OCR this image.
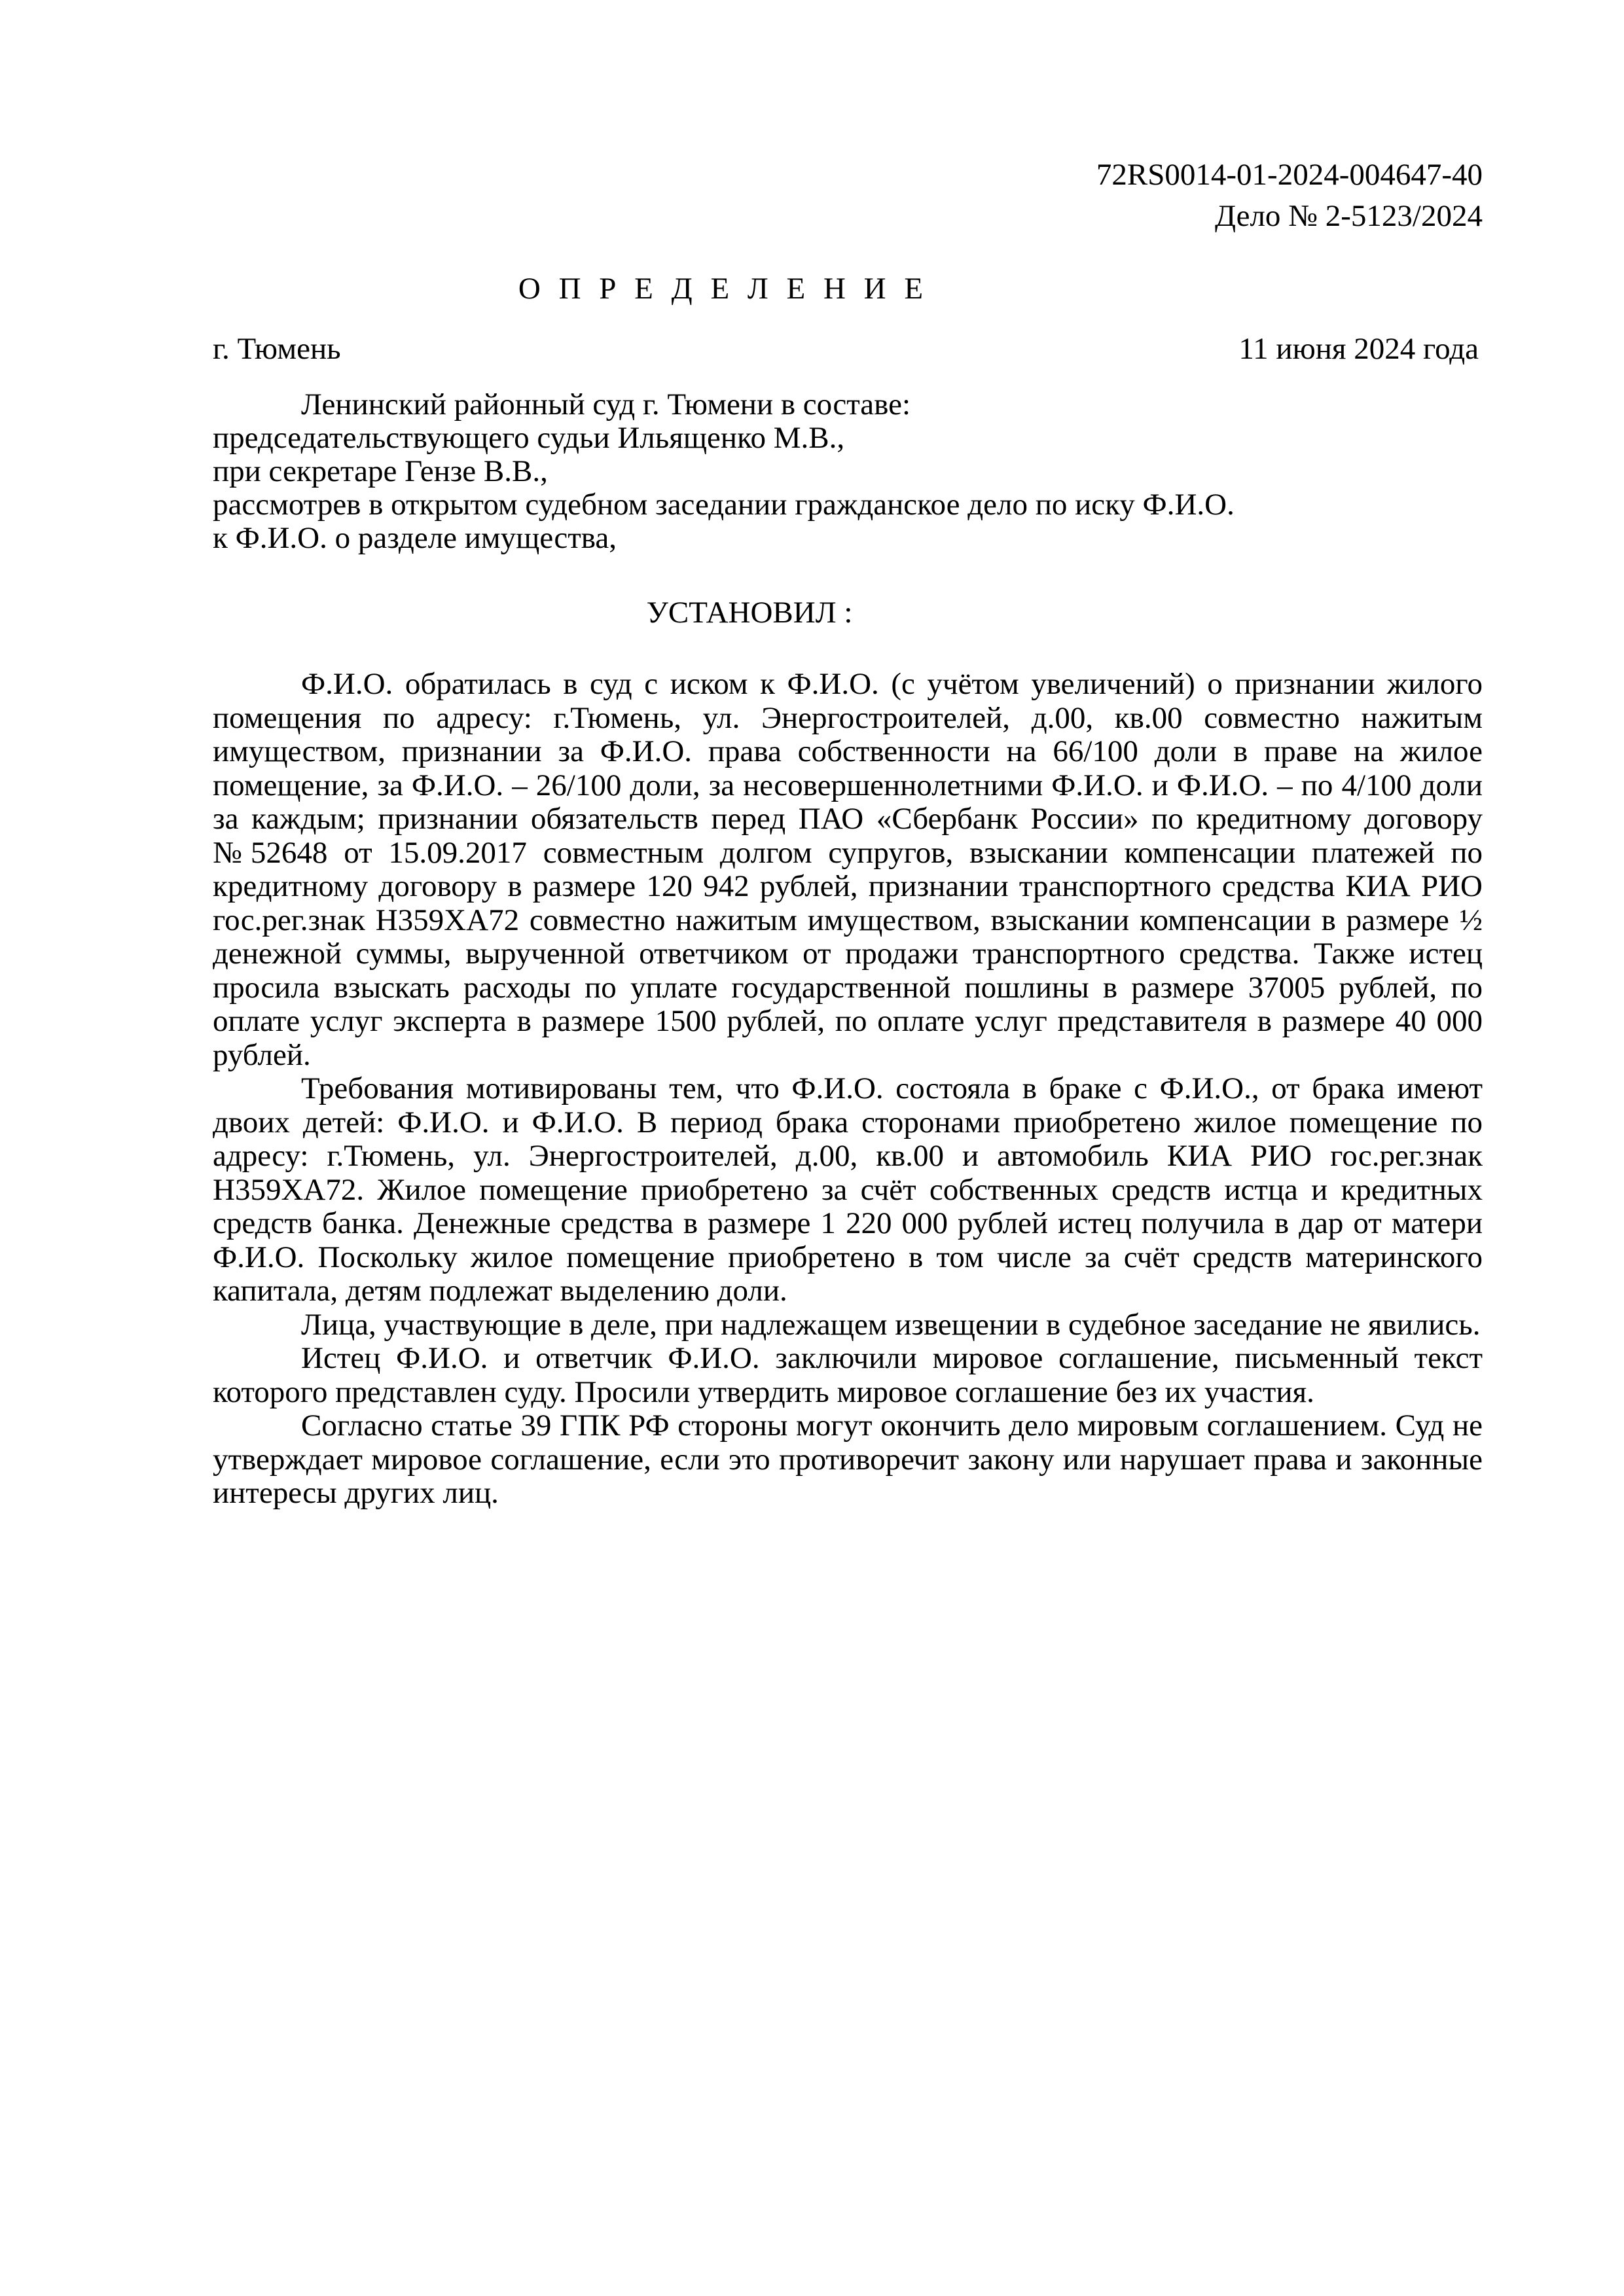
72RS0014-01-2024-004647-40
Дело № 2-5123/2024
О П Р Е Д Е Л Е Н И Е
г. Тюмень	11 июня 2024 года
Ленинский районный суд г. Тюмени в составе:
председательствующего судьи Ильященко М.В.,
при секретаре Гензе В.В.,
рассмотрев в открытом судебном заседании гражданское дело по иску Ф.И.О.
к Ф.И.О. о разделе имущества,
УСТАНОВИЛ :

Ф.И.О. обратилась в суд с иском к Ф.И.О. (с учётом увеличений) о признании жилого помещения по адресу: г.Тюмень, ул. Энергостроителей, д.00, кв.00 совместно нажитым имуществом, признании за Ф.И.О. права собственности на 66/100 доли в праве на жилое помещение, за Ф.И.О. – 26/100 доли, за несовершеннолетними Ф.И.О. и Ф.И.О. – по 4/100 доли за каждым; признании обязательств перед ПАО «Сбербанк России» по кредитному договору №52648 от 15.09.2017 совместным долгом супругов, взыскании компенсации платежей по кредитному договору в размере 120 942 рублей, признании транспортного средства КИА РИО гос.рег.знак Н359ХА72 совместно нажитым имуществом, взыскании компенсации в размере ½ денежной суммы, вырученной ответчиком от продажи транспортного средства. Также истец просила взыскать расходы по уплате государственной пошлины в размере 37005 рублей, по оплате услуг эксперта в размере 1500 рублей, по оплате услуг представителя в размере 40 000 рублей.

Требования мотивированы тем, что Ф.И.О. состояла в браке с Ф.И.О., от брака имеют двоих детей: Ф.И.О. и Ф.И.О. В период брака сторонами приобретено жилое помещение по адресу: г.Тюмень, ул. Энергостроителей, д.00, кв.00 и автомобиль КИА РИО гос.рег.знак Н359ХА72. Жилое помещение приобретено за счёт собственных средств истца и кредитных средств банка. Денежные средства в размере 1 220 000 рублей истец получила в дар от матери Ф.И.О. Поскольку жилое помещение приобретено в том числе за счёт средств материнского капитала, детям подлежат выделению доли.

Лица, участвующие в деле, при надлежащем извещении в судебное заседание не явились.

Истец Ф.И.О. и ответчик Ф.И.О. заключили мировое соглашение, письменный текст которого представлен суду. Просили утвердить мировое соглашение без их участия.

Согласно статье 39 ГПК РФ стороны могут окончить дело мировым соглашением. Суд не утверждает мировое соглашение, если это противоречит закону или нарушает права и законные интересы других лиц.
